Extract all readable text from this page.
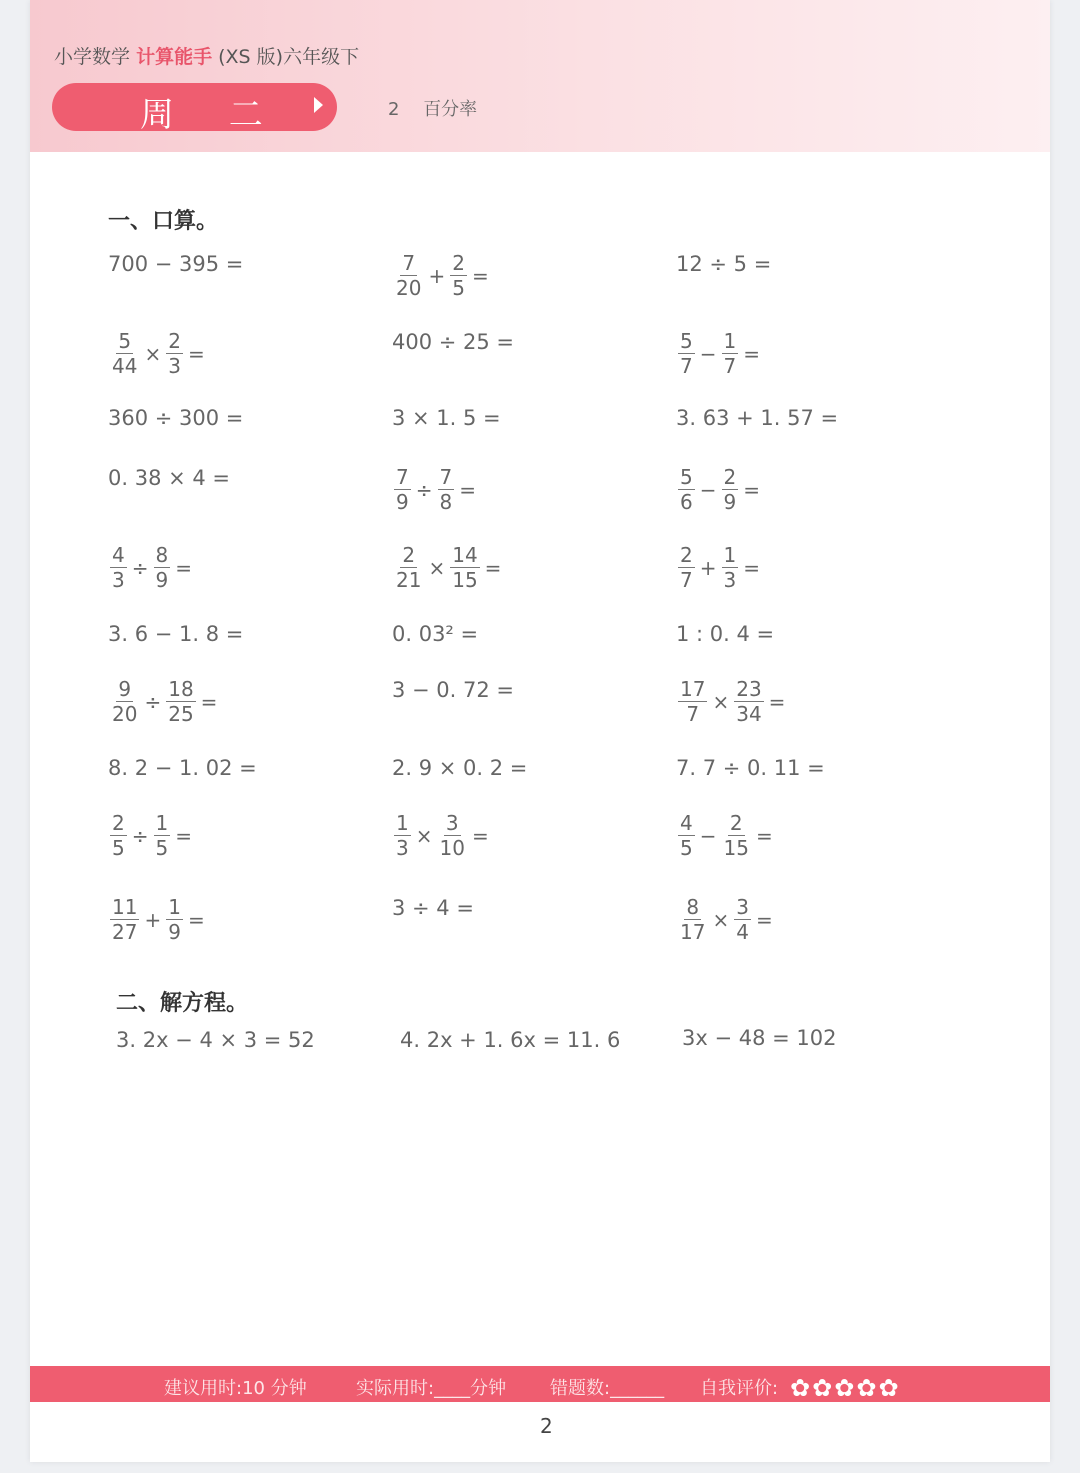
小学数学 计算能手 (XS 版)六年级下
周 二	2 百分率
一、口算。
700 − 395 =	$\frac{7}{20} + \frac{2}{5}$ =	12 ÷ 5 =
$\frac{5}{44} \times \frac{2}{3}$ =	400 ÷ 25 =	$\frac{5}{7} - \frac{1}{7}$ =
360 ÷ 300 =	3 × 1. 5 =	3. 63 + 1. 57 =
0. 38 × 4 =	$\frac{7}{9} \div \frac{7}{8}$ =	$\frac{5}{6} - \frac{2}{9}$ =
$\frac{4}{3} \div \frac{8}{9}$ =	$\frac{2}{21} \times \frac{14}{15}$ =	$\frac{2}{7} + \frac{1}{3}$ =
3. 6 − 1. 8 =	0. 03² =	1 : 0. 4 =
$\frac{9}{20} \div \frac{18}{25}$ =	3 − 0. 72 =	$\frac{17}{7} \times \frac{23}{34}$ =
8. 2 − 1. 02 =	2. 9 × 0. 2 =	7. 7 ÷ 0. 11 =
$\frac{2}{5} \div \frac{1}{5}$ =	$\frac{1}{3} \times \frac{3}{10}$ =	$\frac{4}{5} - \frac{2}{15}$ =
$\frac{11}{27} + \frac{1}{9}$ =	3 ÷ 4 =	$\frac{8}{17} \times \frac{3}{4}$ =
二、解方程。
3. 2x − 4 × 3 = 52	4. 2x + 1. 6x = 11. 6	3x − 48 = 102
建议用时:10 分钟	实际用时:____分钟 错题数:______ 自我评价: ✿✿✿✿✿
2
